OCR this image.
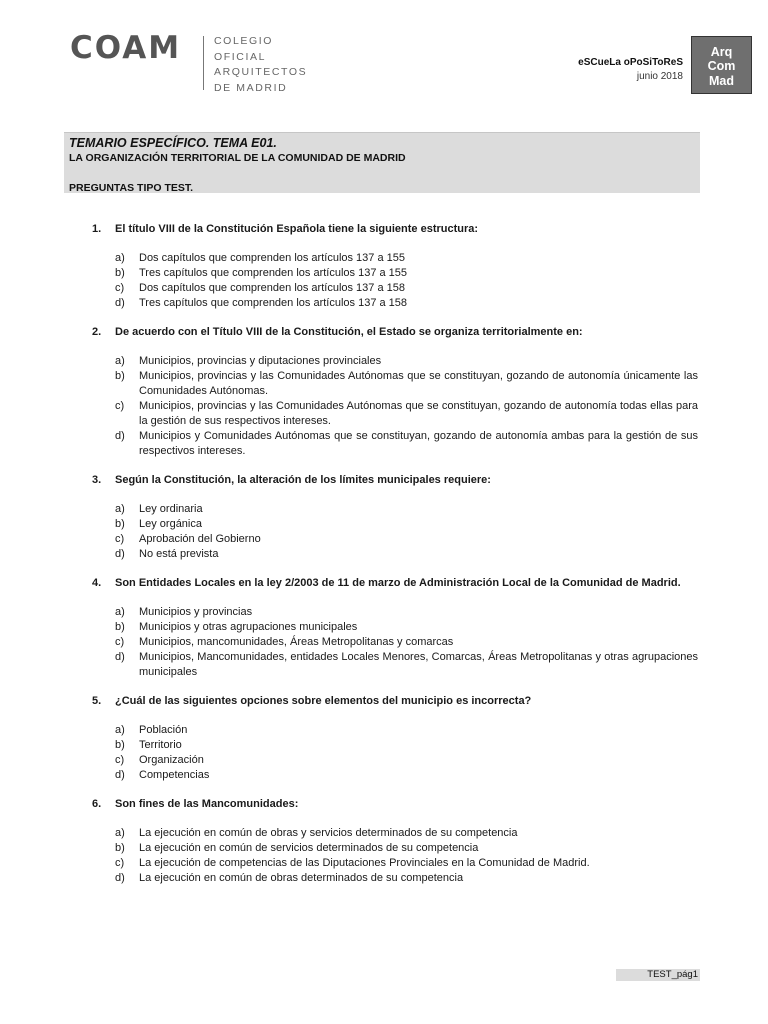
COAM	COLEGIO
OFICIAL
ARQUITECTOS
DE MADRID
eSCueLa oPoSiToReS
junio 2018
Arq
Com
Mad
TEMARIO ESPECÍFICO. TEMA E01.
LA ORGANIZACIÓN TERRITORIAL DE LA COMUNIDAD DE MADRID
PREGUNTAS TIPO TEST.
1.	El título VIII de la Constitución Española tiene la siguiente estructura:
a)	Dos capítulos que comprenden los artículos 137 a 155
b)	Tres capítulos que comprenden los artículos 137 a 155
c)	Dos capítulos que comprenden los artículos 137 a 158
d)	Tres capítulos que comprenden los artículos 137 a 158
2.	De acuerdo con el Título VIII de la Constitución, el Estado se organiza territorialmente en:
a)	Municipios, provincias y diputaciones provinciales
b)	Municipios, provincias y las Comunidades Autónomas que se constituyan, gozando de autonomía únicamente las Comunidades Autónomas.
c)	Municipios, provincias y las Comunidades Autónomas que se constituyan, gozando de autonomía todas ellas para la gestión de sus respectivos intereses.
d)	Municipios y Comunidades Autónomas que se constituyan, gozando de autonomía ambas para la gestión de sus respectivos intereses.
3.	Según la Constitución, la alteración de los límites municipales requiere:
a)	Ley ordinaria
b)	Ley orgánica
c)	Aprobación del Gobierno
d)	No está prevista
4.	Son Entidades Locales en la ley 2/2003 de 11 de marzo de Administración Local de la Comunidad de Madrid.
a)	Municipios y provincias
b)	Municipios y otras agrupaciones municipales
c)	Municipios, mancomunidades, Áreas Metropolitanas y comarcas
d)	Municipios, Mancomunidades, entidades Locales Menores, Comarcas, Áreas Metropolitanas y otras agrupaciones municipales
5.	¿Cuál de las siguientes opciones sobre elementos del municipio es incorrecta?
a)	Población
b)	Territorio
c)	Organización
d)	Competencias
6.	Son fines de las Mancomunidades:
a)	La ejecución en común de obras y servicios determinados de su competencia
b)	La ejecución en común de servicios determinados de su competencia
c)	La ejecución de competencias de las Diputaciones Provinciales en la Comunidad de Madrid.
d)	La ejecución en común de obras determinados de su competencia
TEST_pág1
